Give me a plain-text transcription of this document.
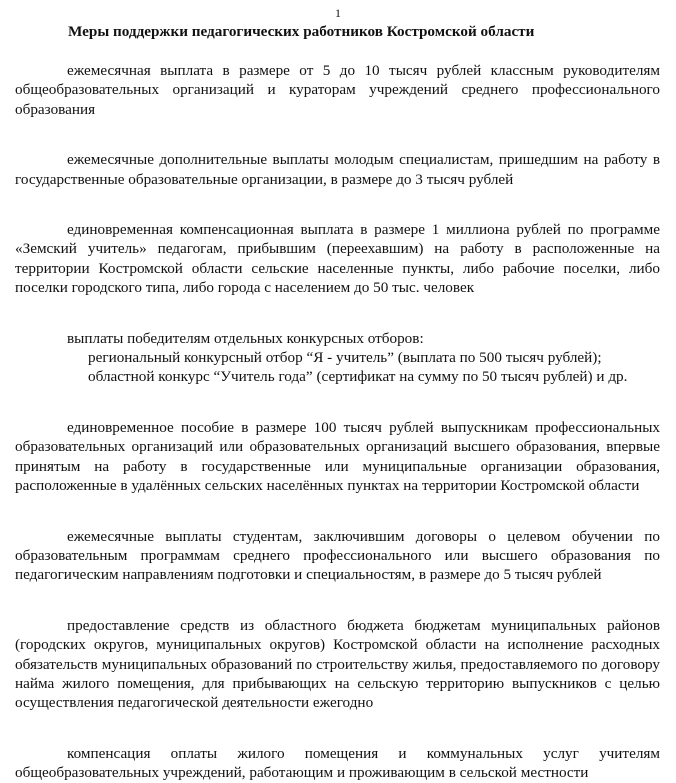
1
Меры поддержки педагогических работников Костромской области

ежемесячная выплата в размере от 5 до 10 тысяч рублей классным руководителям общеобразовательных организаций и кураторам учреждений среднего профессионального образования

ежемесячные дополнительные выплаты молодым специалистам, пришедшим на работу в государственные образовательные организации, в размере до 3 тысяч рублей

единовременная компенсационная выплата в размере 1 миллиона рублей по программе «Земский учитель» педагогам, прибывшим (переехавшим) на работу в расположенные на территории Костромской области сельские населенные пункты, либо рабочие поселки, либо поселки городского типа, либо города с населением до 50 тыс. человек

выплаты победителям отдельных конкурсных отборов:

региональный конкурсный отбор “Я - учитель” (выплата по 500 тысяч рублей);

областной конкурс “Учитель года” (сертификат на сумму по 50 тысяч рублей) и др.

единовременное пособие в размере 100 тысяч рублей выпускникам профессиональных образовательных организаций или образовательных организаций высшего образования, впервые принятым на работу в государственные или муниципальные организации образования, расположенные в удалённых сельских населённых пунктах на территории Костромской области

ежемесячные выплаты студентам, заключившим договоры о целевом обучении по образовательным программам среднего профессионального или высшего образования по педагогическим направлениям подготовки и специальностям, в размере до 5 тысяч рублей

предоставление средств из областного бюджета бюджетам муниципальных районов (городских округов, муниципальных округов) Костромской области на исполнение расходных обязательств муниципальных образований по строительству жилья, предоставляемого по договору найма жилого помещения, для прибывающих на сельскую территорию выпускников с целью осуществления педагогической деятельности ежегодно

компенсация оплаты жилого помещения и коммунальных услуг учителям общеобразовательных учреждений, работающим и проживающим в сельской местности
